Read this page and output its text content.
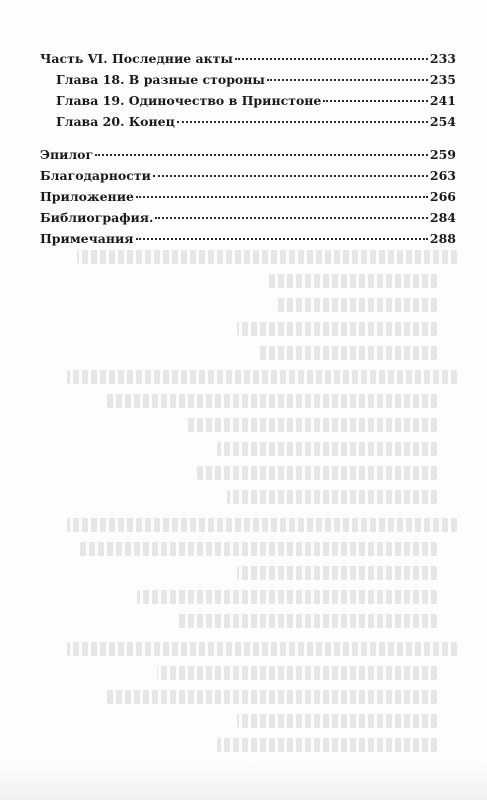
Часть VI. Последние акты	233
Глава 18. В разные стороны	235
Глава 19. Одиночество в Принстоне	241
Глава 20. Конец	254
Эпилог	259
Благодарности	263
Приложение	266
Библиография.	284
Примечания	288
